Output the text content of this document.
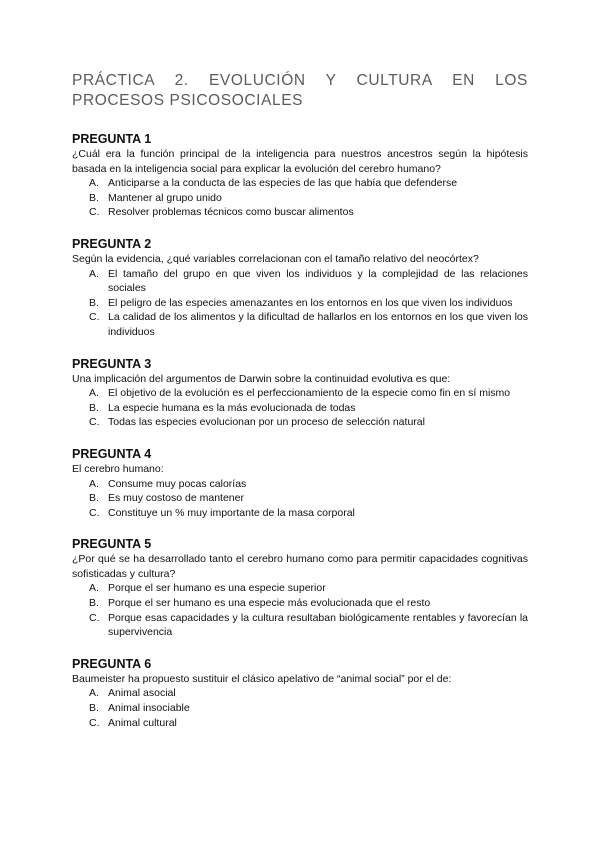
PRÁCTICA 2. EVOLUCIÓN Y CULTURA EN LOS PROCESOS PSICOSOCIALES
PREGUNTA 1

¿Cuál era la función principal de la inteligencia para nuestros ancestros según la hipótesis basada en la inteligencia social para explicar la evolución del cerebro humano?

A. Anticiparse a la conducta de las especies de las que había que defenderse
B. Mantener al grupo unido
C. Resolver problemas técnicos como buscar alimentos
PREGUNTA 2

Según la evidencia, ¿qué variables correlacionan con el tamaño relativo del neocórtex?

A. El tamaño del grupo en que viven los individuos y la complejidad de las relaciones sociales
B. El peligro de las especies amenazantes en los entornos en los que viven los individuos
C. La calidad de los alimentos y la dificultad de hallarlos en los entornos en los que viven los individuos
PREGUNTA 3

Una implicación del argumentos de Darwin sobre la continuidad evolutiva es que:

A. El objetivo de la evolución es el perfeccionamiento de la especie como fin en sí mismo
B. La especie humana es la más evolucionada de todas
C. Todas las especies evolucionan por un proceso de selección natural
PREGUNTA 4

El cerebro humano:

A. Consume muy pocas calorías
B. Es muy costoso de mantener
C. Constituye un % muy importante de la masa corporal
PREGUNTA 5

¿Por qué se ha desarrollado tanto el cerebro humano como para permitir capacidades cognitivas sofisticadas y cultura?

A. Porque el ser humano es una especie superior
B. Porque el ser humano es una especie más evolucionada que el resto
C. Porque esas capacidades y la cultura resultaban biológicamente rentables y favorecían la supervivencia
PREGUNTA 6

Baumeister ha propuesto sustituir el clásico apelativo de “animal social” por el de:

A. Animal asocial
B. Animal insociable
C. Animal cultural
